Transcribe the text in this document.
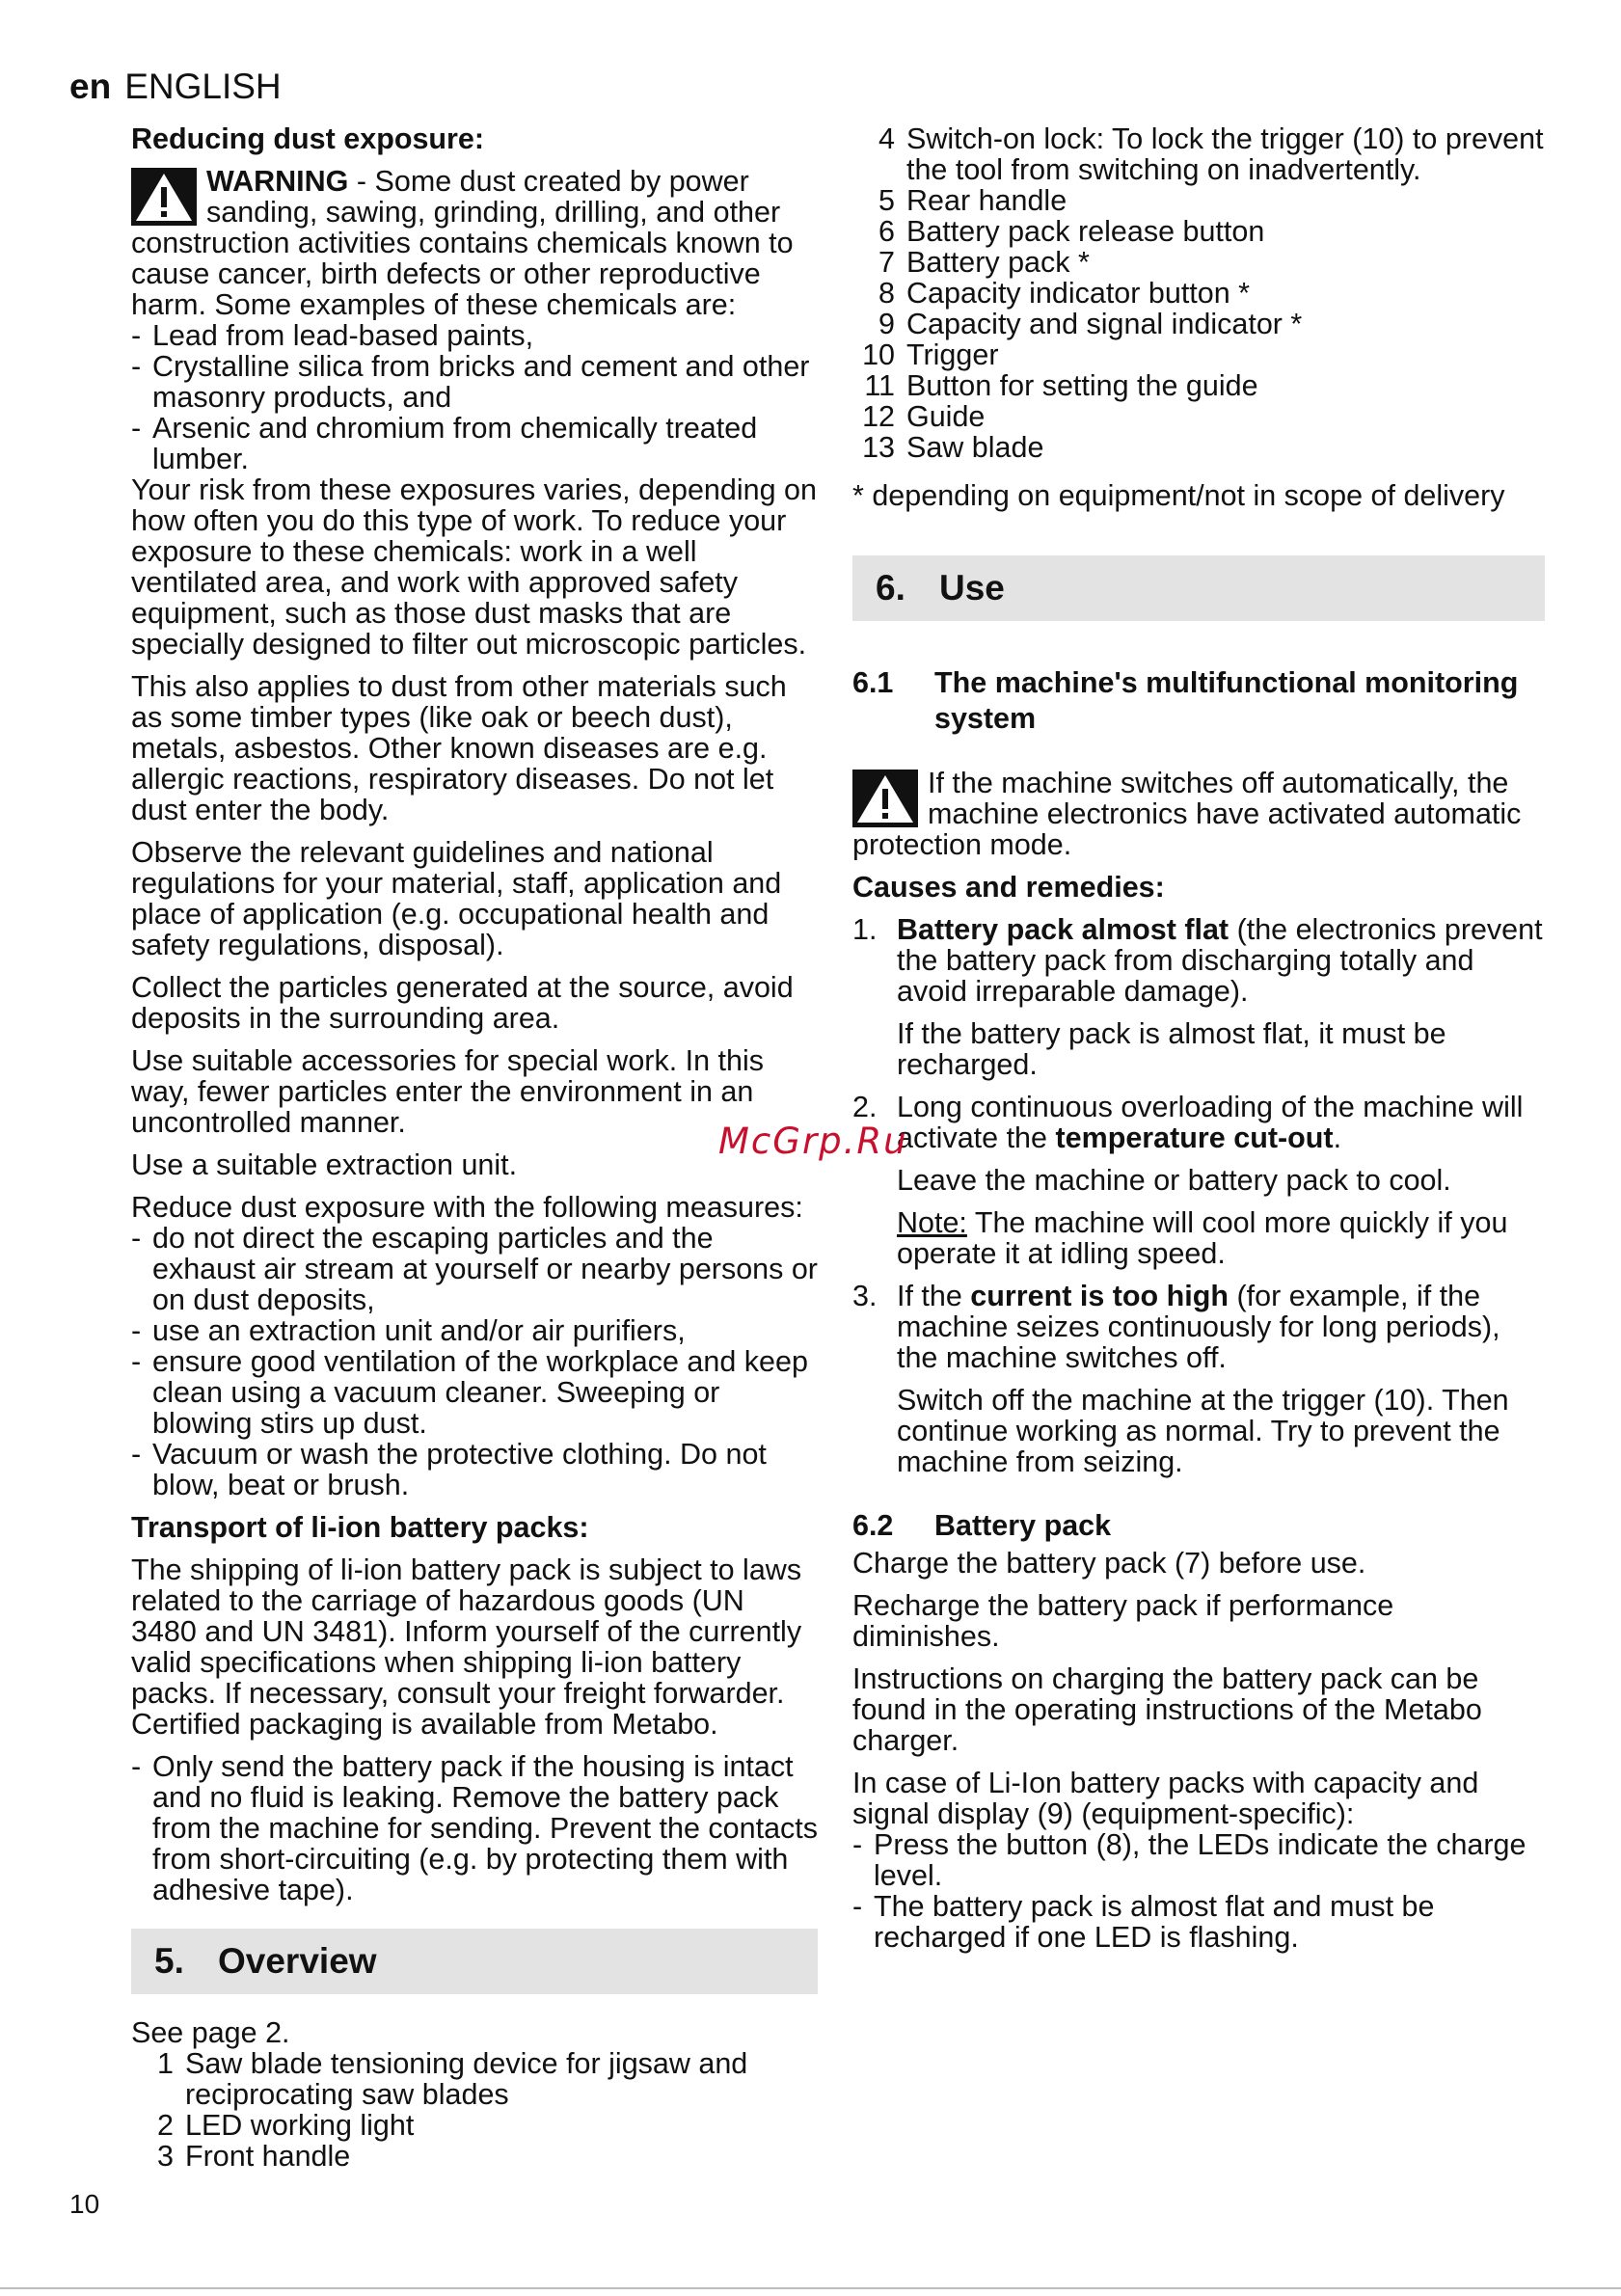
en ENGLISH
Reducing dust exposure:
WARNING - Some dust created by power sanding, sawing, grinding, drilling, and other construction activities contains chemicals known to cause cancer, birth defects or other reproductive harm. Some examples of these chemicals are:
- Lead from lead-based paints,
- Crystalline silica from bricks and cement and other masonry products, and
- Arsenic and chromium from chemically treated lumber.

Your risk from these exposures varies, depending on how often you do this type of work. To reduce your exposure to these chemicals: work in a well ventilated area, and work with approved safety equipment, such as those dust masks that are specially designed to filter out microscopic particles.

This also applies to dust from other materials such as some timber types (like oak or beech dust), metals, asbestos. Other known diseases are e.g. allergic reactions, respiratory diseases. Do not let dust enter the body.

Observe the relevant guidelines and national regulations for your material, staff, application and place of application (e.g. occupational health and safety regulations, disposal).

Collect the particles generated at the source, avoid deposits in the surrounding area.

Use suitable accessories for special work. In this way, fewer particles enter the environment in an uncontrolled manner.

Use a suitable extraction unit.

Reduce dust exposure with the following measures:
- do not direct the escaping particles and the exhaust air stream at yourself or nearby persons or on dust deposits,
- use an extraction unit and/or air purifiers,
- ensure good ventilation of the workplace and keep clean using a vacuum cleaner. Sweeping or blowing stirs up dust.
- Vacuum or wash the protective clothing. Do not blow, beat or brush.
Transport of li-ion battery packs:

The shipping of li-ion battery pack is subject to laws related to the carriage of hazardous goods (UN 3480 and UN 3481). Inform yourself of the currently valid specifications when shipping li-ion battery packs. If necessary, consult your freight forwarder. Certified packaging is available from Metabo.

- Only send the battery pack if the housing is intact and no fluid is leaking. Remove the battery pack from the machine for sending. Prevent the contacts from short-circuiting (e.g. by protecting them with adhesive tape).
5. Overview
See page 2.
1 Saw blade tensioning device for jigsaw and reciprocating saw blades
2 LED working light
3 Front handle
4 Switch-on lock: To lock the trigger (10) to prevent the tool from switching on inadvertently.
5 Rear handle
6 Battery pack release button
7 Battery pack *
8 Capacity indicator button *
9 Capacity and signal indicator *
10 Trigger
11 Button for setting the guide
12 Guide
13 Saw blade

* depending on equipment/not in scope of delivery

6. Use
6.1 The machine's multifunctional monitoring system
If the machine switches off automatically, the machine electronics have activated automatic protection mode.
Causes and remedies:
1. Battery pack almost flat (the electronics prevent the battery pack from discharging totally and avoid irreparable damage).

If the battery pack is almost flat, it must be recharged.

2. Long continuous overloading of the machine will activate the temperature cut-out.

Leave the machine or battery pack to cool.

Note: The machine will cool more quickly if you operate it at idling speed.

3. If the current is too high (for example, if the machine seizes continuously for long periods), the machine switches off.

Switch off the machine at the trigger (10). Then continue working as normal. Try to prevent the machine from seizing.

6.2 Battery pack

Charge the battery pack (7) before use.

Recharge the battery pack if performance diminishes.

Instructions on charging the battery pack can be found in the operating instructions of the Metabo charger.

In case of Li-Ion battery packs with capacity and signal display (9) (equipment-specific):
- Press the button (8), the LEDs indicate the charge level.
- The battery pack is almost flat and must be recharged if one LED is flashing.
McGrp.Ru
10
